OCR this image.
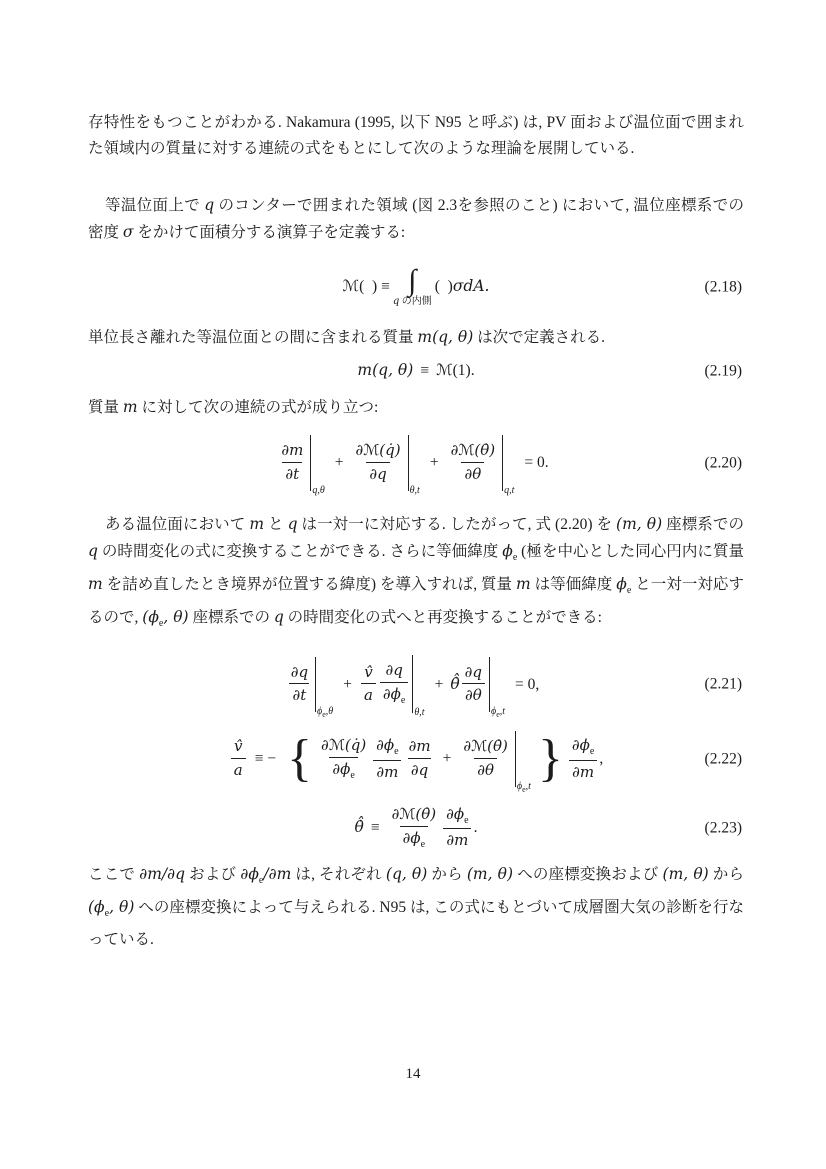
存特性をもつことがわかる. Nakamura (1995, 以下 N95 と呼ぶ) は, PV 面および温位面で囲まれた領域内の質量に対する連続の式をもとにして次のような理論を展開している.

等温位面上で q のコンターで囲まれた領域 (図 2.3を参照のこと) において, 温位座標系での密度 σ をかけて面積分する演算子を定義する:

ℳ (  ) ≡ ∫
q の内側
(  ) σdA.	(2.18)

単位長さ離れた等温位面との間に含まれる質量 m(q, θ) は次で定義される.

m(q, θ) ≡ ℳ (1).	(2.19)

質量 m に対して次の連続の式が成り立つ:

$\frac{\partial m}{\partial t}$
q,θ
+ $\frac{\text{∂ℳ(q̇)}}{\partial q}$
θ,t
+ $\frac{\text{∂ℳ(θ̇)}}{\partial\theta}$
q,t
= 0.	(2.20)

ある温位面において m と q は一対一に対応する. したがって, 式 (2.20) を (m, θ) 座標系での q の時間変化の式に変換することができる. さらに等価緯度 $\phi_e$ (極を中心とした同心円内に質量 m を詰め直したとき境界が位置する緯度) を導入すれば, 質量 m は等価緯度 $\phi_e$ と一対一対応するので, ($\phi_e$, θ) 座標系での q の時間変化の式へと再変換することができる:

$\frac{\partial q}{\partial t}$
$\phi_e,\theta$
+ $\frac{v̂}{a} \frac{\partial q}{\partial\phi_e}$
θ,t
+ θ̇̂ $\frac{\partial q}{\partial\theta}$
$\phi_e,t$
= 0,	(2.21)
$\frac{v̂}{a}$ ≡ − { $\frac{\text{∂ℳ(q̇)}}{\partial\phi_e} \frac{\partial\phi_e}{\partial m} \frac{\partial m}{\partial q} + \frac{\text{∂ℳ(θ̇)}}{\partial\theta}$
$\phi_e,t$ } $\frac{\partial\phi_e}{\partial m}$ ,	(2.22)
θ̇̂ ≡ $\frac{\text{∂ℳ(θ̇)}}{\partial\phi_e} \frac{\partial\phi_e}{\partial m}$ .	(2.23)

ここで ∂m/∂q および $\partial\phi_e/\partial m$ は, それぞれ (q, θ) から (m, θ) への座標変換および (m, θ) から ($\phi_e$, θ) への座標変換によって与えられる. N95 は, この式にもとづいて成層圏大気の診断を行なっている.

14
